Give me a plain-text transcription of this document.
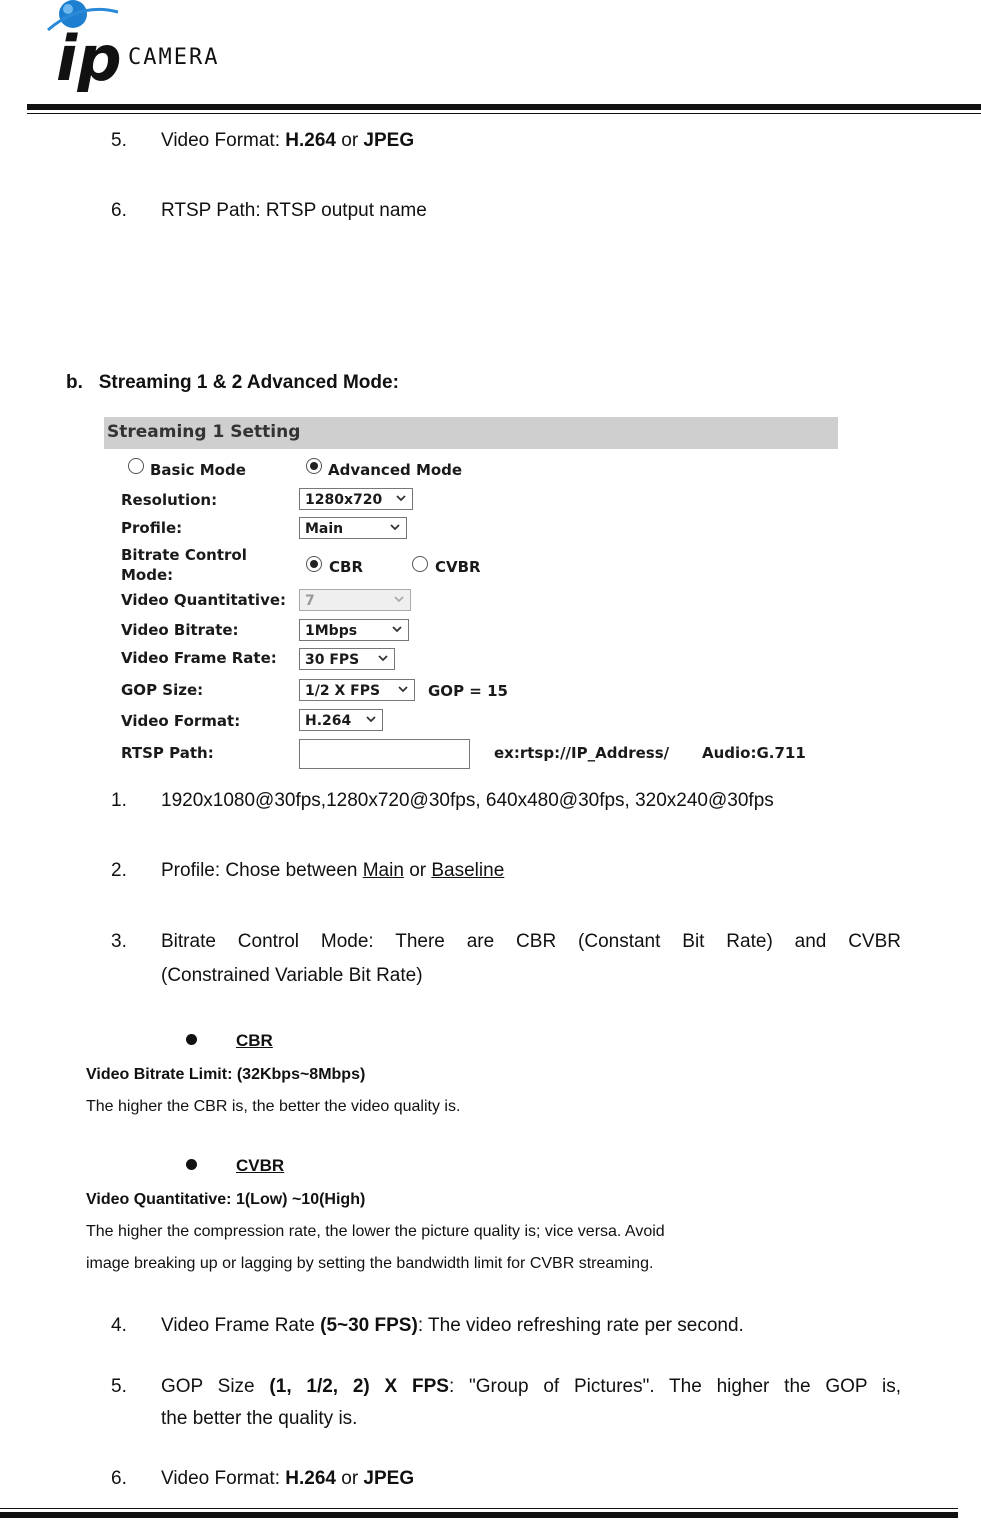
ip CAMERA
5. Video Format: H.264 or JPEG
6. RTSP Path: RTSP output name
b.   Streaming 1 & 2 Advanced Mode:
Streaming 1 Setting
Basic Mode	Advanced Mode
Resolution:	1280x720
Profile:	Main
Bitrate Control
Mode:	CBR	CVBR
Video Quantitative:	7
Video Bitrate:	1Mbps
Video Frame Rate:	30 FPS
GOP Size:	1/2 X FPS	GOP = 15
Video Format:	H.264
RTSP Path:	ex:rtsp://IP_Address/ Audio:G.711
1. 1920x1080@30fps,1280x720@30fps, 640x480@30fps, 320x240@30fps
2. Profile: Chose between Main or Baseline
3. Bitrate Control Mode: There are CBR (Constant Bit Rate) and CVBR
(Constrained Variable Bit Rate)
CBR
Video Bitrate Limit: (32Kbps~8Mbps)
The higher the CBR is, the better the video quality is.
CVBR
Video Quantitative: 1(Low) ~10(High)
The higher the compression rate, the lower the picture quality is; vice versa. Avoid
image breaking up or lagging by setting the bandwidth limit for CVBR streaming.
4. Video Frame Rate (5~30 FPS): The video refreshing rate per second.
5. GOP Size (1, 1/2, 2) X FPS: "Group of Pictures". The higher the GOP is,
the better the quality is.
6. Video Format: H.264 or JPEG
